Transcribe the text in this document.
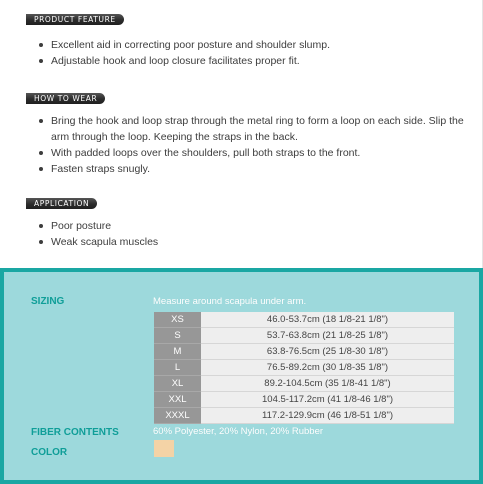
PRODUCT FEATURE
Excellent aid in correcting poor posture and shoulder slump.
Adjustable hook and loop closure facilitates proper fit.
HOW TO WEAR
Bring the hook and loop strap through the metal ring to form a loop on each side. Slip the arm through the loop. Keeping the straps in the back.
With padded loops over the shoulders, pull both straps to the front.
Fasten straps snugly.
APPLICATION
Poor posture
Weak scapula muscles
SIZING	Measure around scapula under arm.
XS	46.0-53.7cm (18 1/8-21 1/8")
S	53.7-63.8cm (21 1/8-25 1/8")
M	63.8-76.5cm (25 1/8-30 1/8")
L	76.5-89.2cm (30 1/8-35 1/8")
XL	89.2-104.5cm (35 1/8-41 1/8")
XXL	104.5-117.2cm (41 1/8-46 1/8")
XXXL	117.2-129.9cm (46 1/8-51 1/8")
FIBER CONTENTS	60% Polyester, 20% Nylon, 20% Rubber
COLOR
